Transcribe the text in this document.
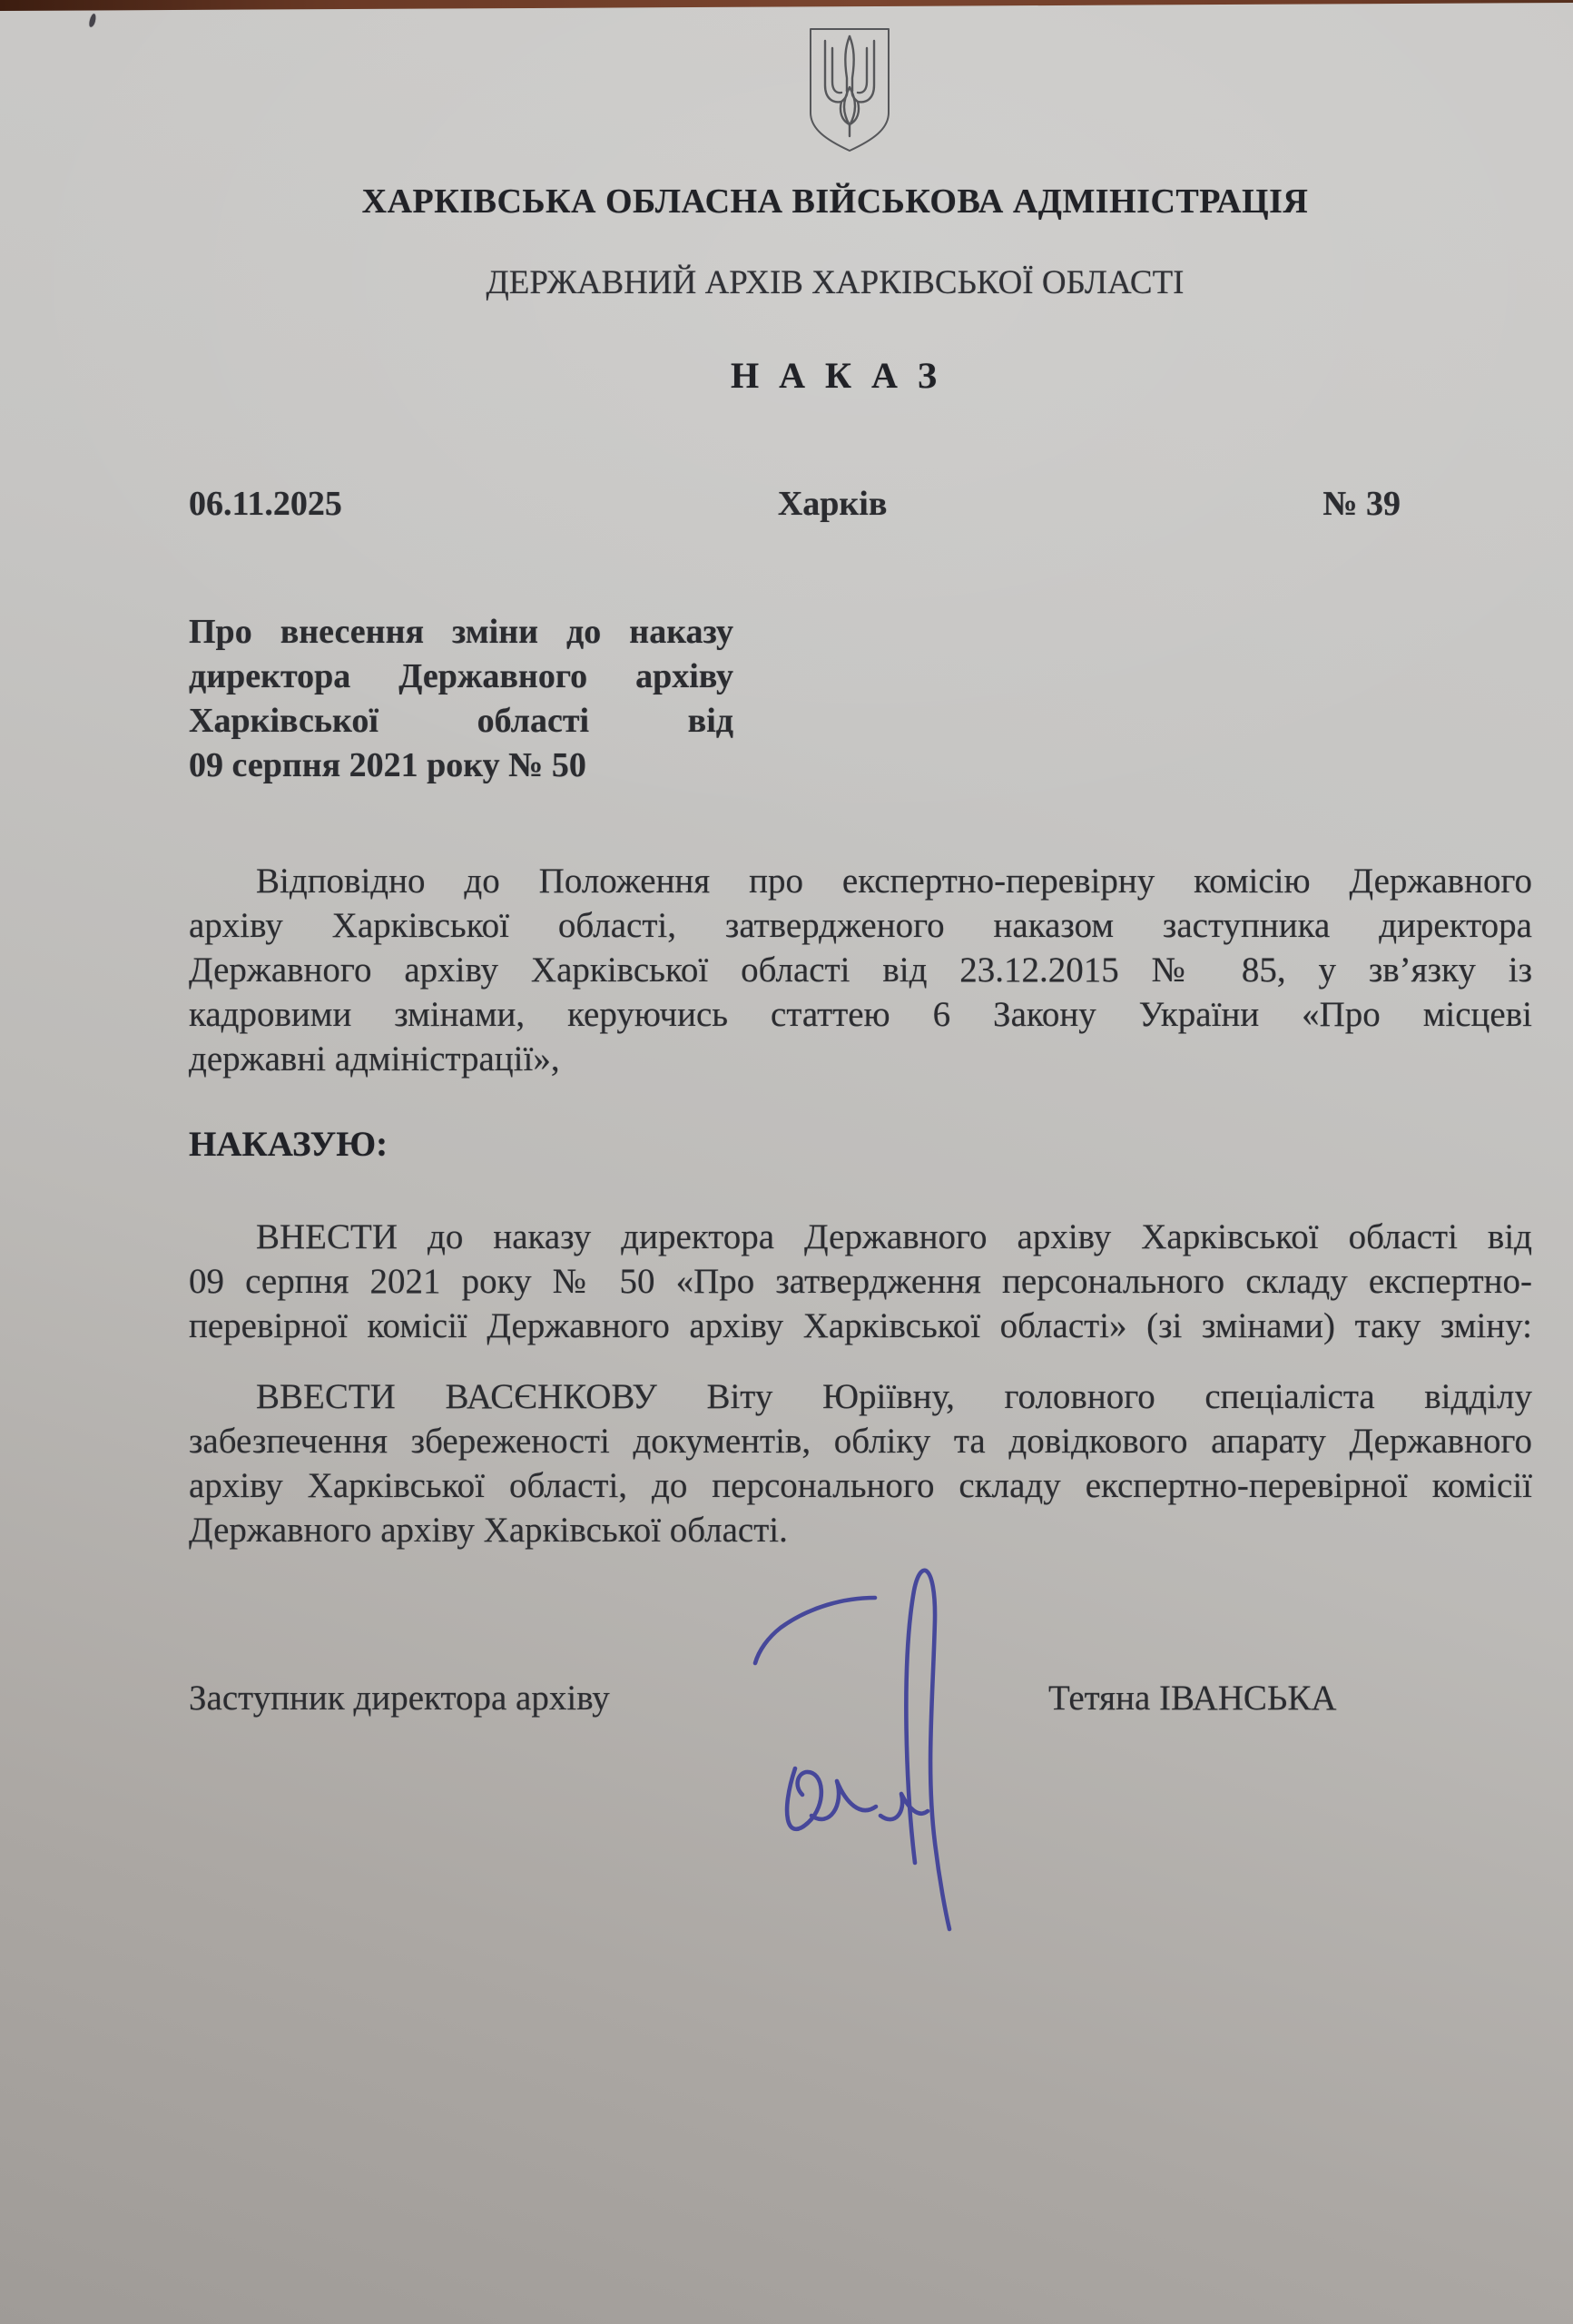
ХАРКІВСЬКА ОБЛАСНА ВІЙСЬКОВА АДМІНІСТРАЦІЯ
ДЕРЖАВНИЙ АРХІВ ХАРКІВСЬКОЇ ОБЛАСТІ
Н А К А З
06.11.2025	Харків	№ 39
Про внесення зміни до наказу
директора Державного архіву
Харківської області від
09 серпня 2021 року № 50
Відповідно до Положення про експертно-перевірну комісію Державного
архіву Харківської області, затвердженого наказом заступника директора
Державного архіву Харківської області від 23.12.2015 № 85, у зв’язку із
кадровими змінами, керуючись статтею 6 Закону України «Про місцеві
державні адміністрації»,
НАКАЗУЮ:
ВНЕСТИ до наказу директора Державного архіву Харківської області від
09 серпня 2021 року № 50 «Про затвердження персонального складу експертно-
перевірної комісії Державного архіву Харківської області» (зі змінами) таку зміну:
ВВЕСТИ ВАСЄНКОВУ Віту Юріївну, головного спеціаліста відділу
забезпечення збереженості документів, обліку та довідкового апарату Державного
архіву Харківської області, до персонального складу експертно-перевірної комісії
Державного архіву Харківської області.
Заступник директора архіву	Тетяна ІВАНСЬКА
